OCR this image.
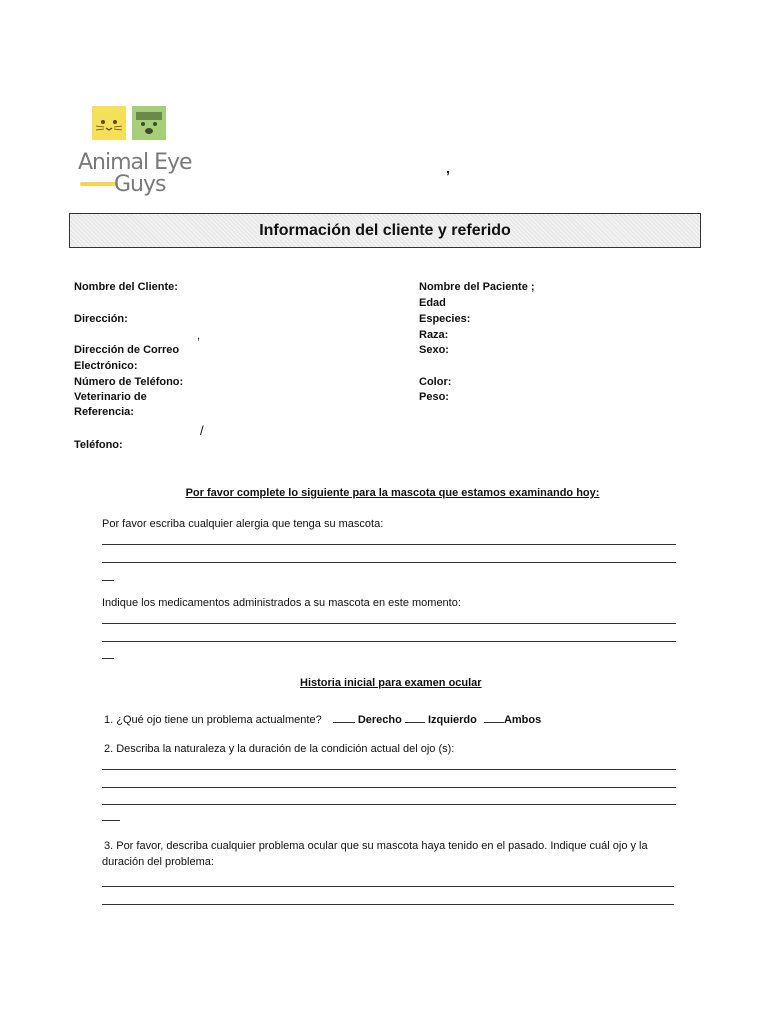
Animal Eye
Guys
,
Información del cliente y referido
Nombre del Cliente:
Dirección:
,
Dirección de Correo
Electrónico:
Número de Teléfono:
Veterinario de
Referencia:
/
Teléfono:
Nombre del Paciente ;
Edad
Especies:
Raza:
Sexo:
Color:
Peso:
Por favor complete lo siguiente para la mascota que estamos examinando hoy:
Por favor escriba cualquier alergia que tenga su mascota:
Indique los medicamentos administrados a su mascota en este momento:
Historia inicial para examen ocular
1. ¿Qué ojo tiene un problema actualmente?	Derecho Izquierdo Ambos
2. Describa la naturaleza y la duración de la condición actual del ojo (s):
3. Por favor, describa cualquier problema ocular que su mascota haya tenido en el pasado. Indique cuál ojo y la
duración del problema:
